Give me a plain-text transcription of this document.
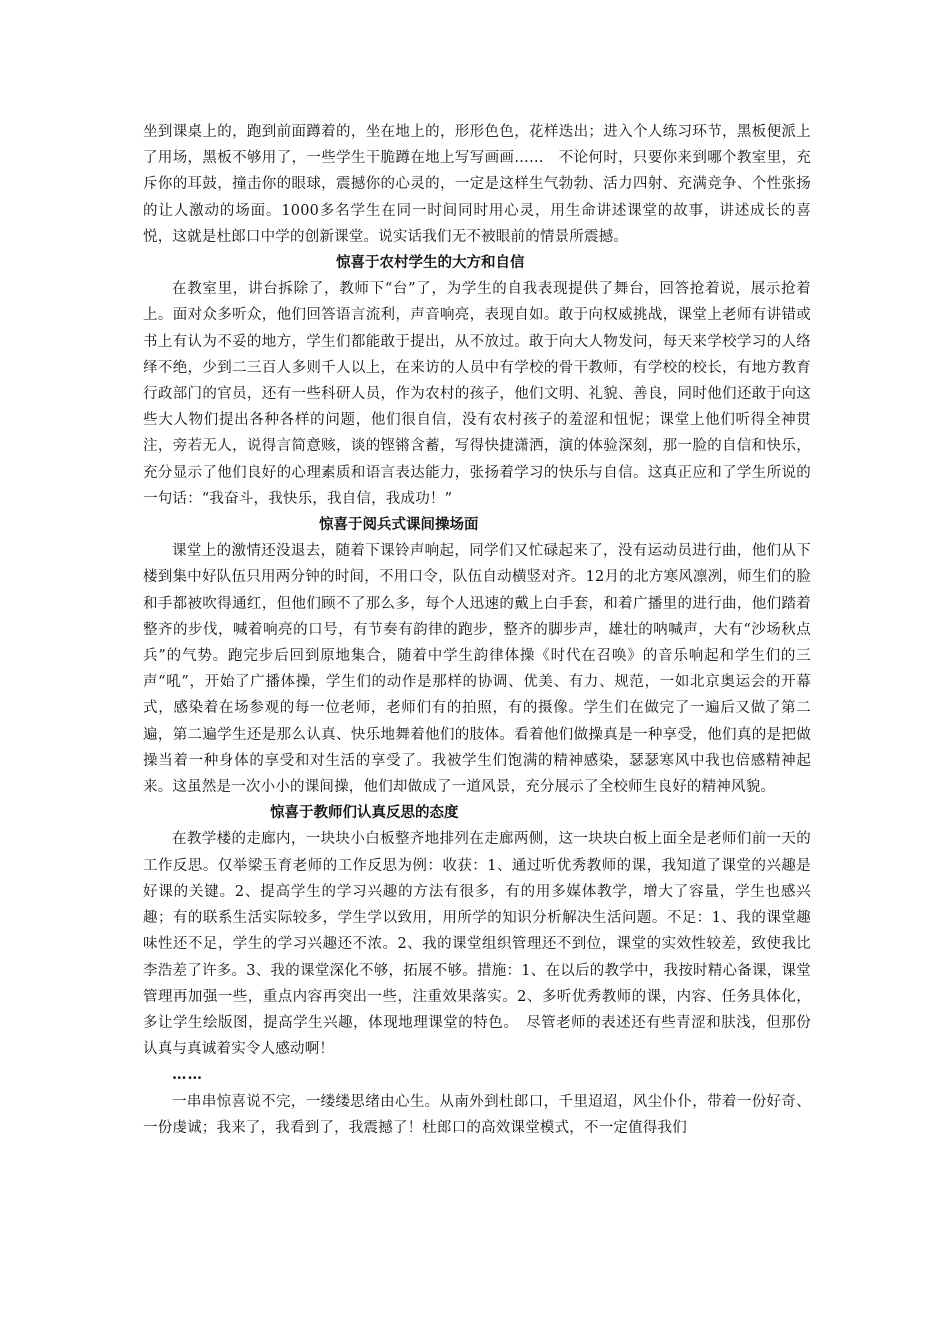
坐到课桌上的，跑到前面蹲着的，坐在地上的，形形色色，花样迭出；进入个人练习环节，黑板便派上了用场，黑板不够用了，一些学生干脆蹲在地上写写画画……　不论何时，只要你来到哪个教室里，充斥你的耳鼓，撞击你的眼球，震撼你的心灵的，一定是这样生气勃勃、活力四射、充满竞争、个性张扬的让人激动的场面。1000多名学生在同一时间同时用心灵，用生命讲述课堂的故事，讲述成长的喜悦，这就是杜郎口中学的创新课堂。说实话我们无不被眼前的情景所震撼。

惊喜于农村学生的大方和自信

在教室里，讲台拆除了，教师下“台”了，为学生的自我表现提供了舞台，回答抢着说，展示抢着上。面对众多听众，他们回答语言流利，声音响亮，表现自如。敢于向权威挑战，课堂上老师有讲错或书上有认为不妥的地方，学生们都能敢于提出，从不放过。敢于向大人物发问，每天来学校学习的人络绎不绝，少到二三百人多则千人以上，在来访的人员中有学校的骨干教师，有学校的校长，有地方教育行政部门的官员，还有一些科研人员，作为农村的孩子，他们文明、礼貌、善良，同时他们还敢于向这些大人物们提出各种各样的问题，他们很自信，没有农村孩子的羞涩和忸怩；课堂上他们听得全神贯注，旁若无人，说得言简意赅，谈的铿锵含蓄，写得快捷潇洒，演的体验深刻，那一脸的自信和快乐，充分显示了他们良好的心理素质和语言表达能力，张扬着学习的快乐与自信。这真正应和了学生所说的一句话：“我奋斗，我快乐，我自信，我成功！”

惊喜于阅兵式课间操场面

课堂上的激情还没退去，随着下课铃声响起，同学们又忙碌起来了，没有运动员进行曲，他们从下楼到集中好队伍只用两分钟的时间，不用口令，队伍自动横竖对齐。12月的北方寒风凛冽，师生们的脸和手都被吹得通红，但他们顾不了那么多，每个人迅速的戴上白手套，和着广播里的进行曲，他们踏着整齐的步伐，喊着响亮的口号，有节奏有韵律的跑步，整齐的脚步声，雄壮的呐喊声，大有“沙场秋点兵”的气势。跑完步后回到原地集合，随着中学生韵律体操《时代在召唤》的音乐响起和学生们的三声“吼”，开始了广播体操，学生们的动作是那样的协调、优美、有力、规范，一如北京奥运会的开幕式，感染着在场参观的每一位老师，老师们有的拍照，有的摄像。学生们在做完了一遍后又做了第二遍，第二遍学生还是那么认真、快乐地舞着他们的肢体。看着他们做操真是一种享受，他们真的是把做操当着一种身体的享受和对生活的享受了。我被学生们饱满的精神感染，瑟瑟寒风中我也倍感精神起来。这虽然是一次小小的课间操，他们却做成了一道风景，充分展示了全校师生良好的精神风貌。

惊喜于教师们认真反思的态度

在教学楼的走廊内，一块块小白板整齐地排列在走廊两侧，这一块块白板上面全是老师们前一天的工作反思。仅举梁玉育老师的工作反思为例：收获：1、通过听优秀教师的课，我知道了课堂的兴趣是好课的关键。2、提高学生的学习兴趣的方法有很多，有的用多媒体教学，增大了容量，学生也感兴趣；有的联系生活实际较多，学生学以致用，用所学的知识分析解决生活问题。不足：1、我的课堂趣味性还不足，学生的学习兴趣还不浓。2、我的课堂组织管理还不到位，课堂的实效性较差，致使我比李浩差了许多。3、我的课堂深化不够，拓展不够。措施：1、在以后的教学中，我按时精心备课，课堂管理再加强一些，重点内容再突出一些，注重效果落实。2、多听优秀教师的课，内容、任务具体化，多让学生绘版图，提高学生兴趣，体现地理课堂的特色。　尽管老师的表述还有些青涩和肤浅，但那份认真与真诚着实令人感动啊！

……

一串串惊喜说不完，一缕缕思绪由心生。从南外到杜郎口，千里迢迢，风尘仆仆，带着一份好奇、一份虔诚；我来了，我看到了，我震撼了！杜郎口的高效课堂模式，不一定值得我们
